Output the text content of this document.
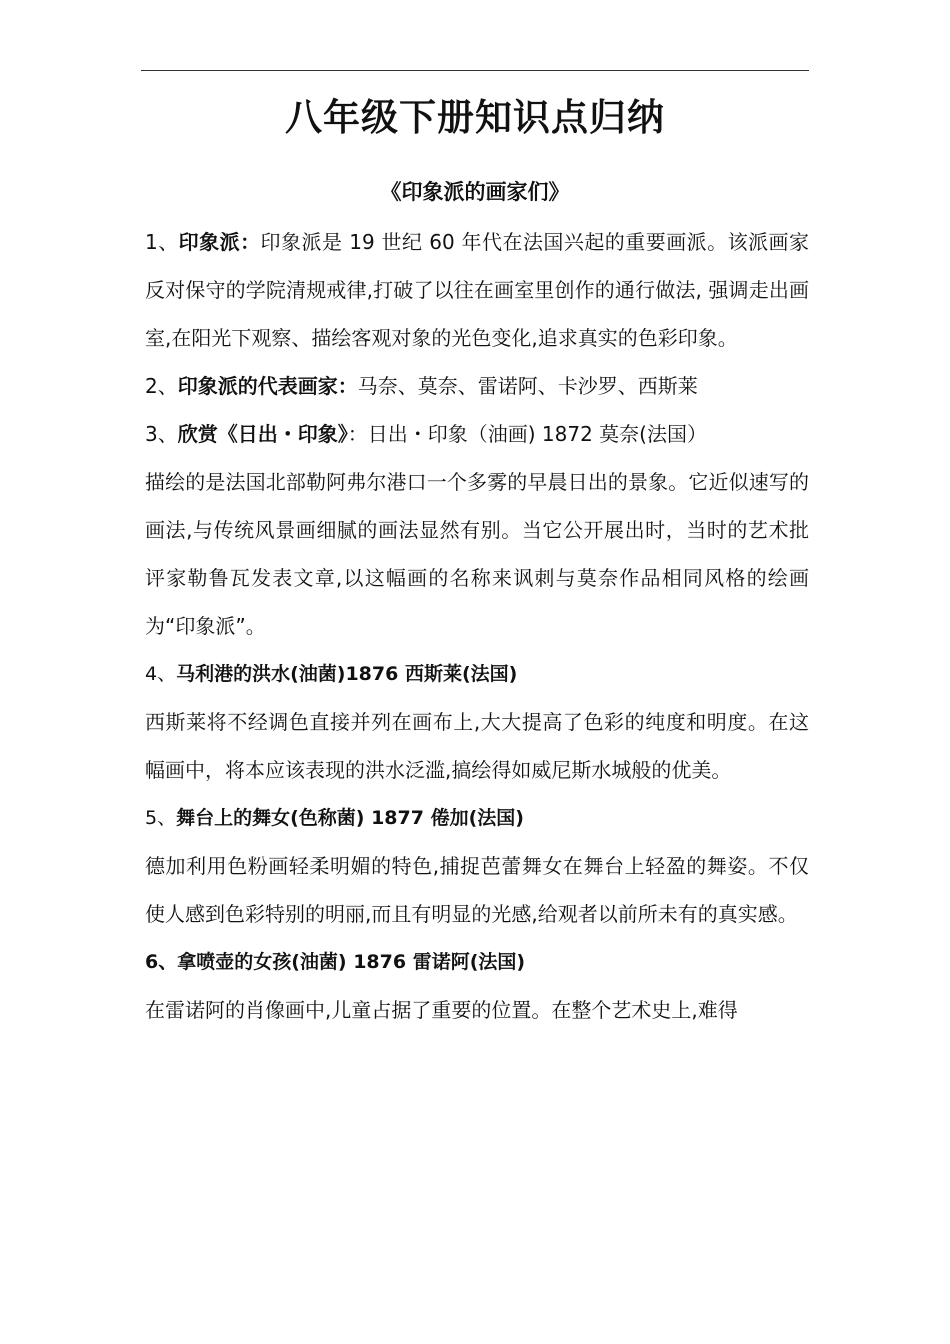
八年级下册知识点归纳
《印象派的画家们》

1、印象派：印象派是 19 世纪 60 年代在法国兴起的重要画派。该派画家反对保守的学院清规戒律,打破了以往在画室里创作的通行做法, 强调走出画室,在阳光下观察、描绘客观对象的光色变化,追求真实的色彩印象。

2、印象派的代表画家：马奈、莫奈、雷诺阿、卡沙罗、西斯莱

3、欣赏《日出・印象》：日出・印象（油画) 1872 莫奈(法国）

描绘的是法国北部勒阿弗尔港口一个多雾的早晨日出的景象。它近似速写的画法,与传统风景画细腻的画法显然有别。当它公开展出时，当时的艺术批评家勒鲁瓦发表文章,以这幅画的名称来讽刺与莫奈作品相同风格的绘画为“印象派”。

4、马利港的洪水(油菌)1876 西斯莱(法国)

西斯莱将不经调色直接并列在画布上,大大提高了色彩的纯度和明度。在这幅画中，将本应该表现的洪水泛滥,搞绘得如威尼斯水城般的优美。

5、舞台上的舞女(色称菌) 1877 倦加(法国)

德加利用色粉画轻柔明媚的特色,捕捉芭蕾舞女在舞台上轻盈的舞姿。不仅使人感到色彩特别的明丽,而且有明显的光感,给观者以前所未有的真实感。

6、拿喷壶的女孩(油菌) 1876 雷诺阿(法国)

在雷诺阿的肖像画中,儿童占据了重要的位置。在整个艺术史上,难得
